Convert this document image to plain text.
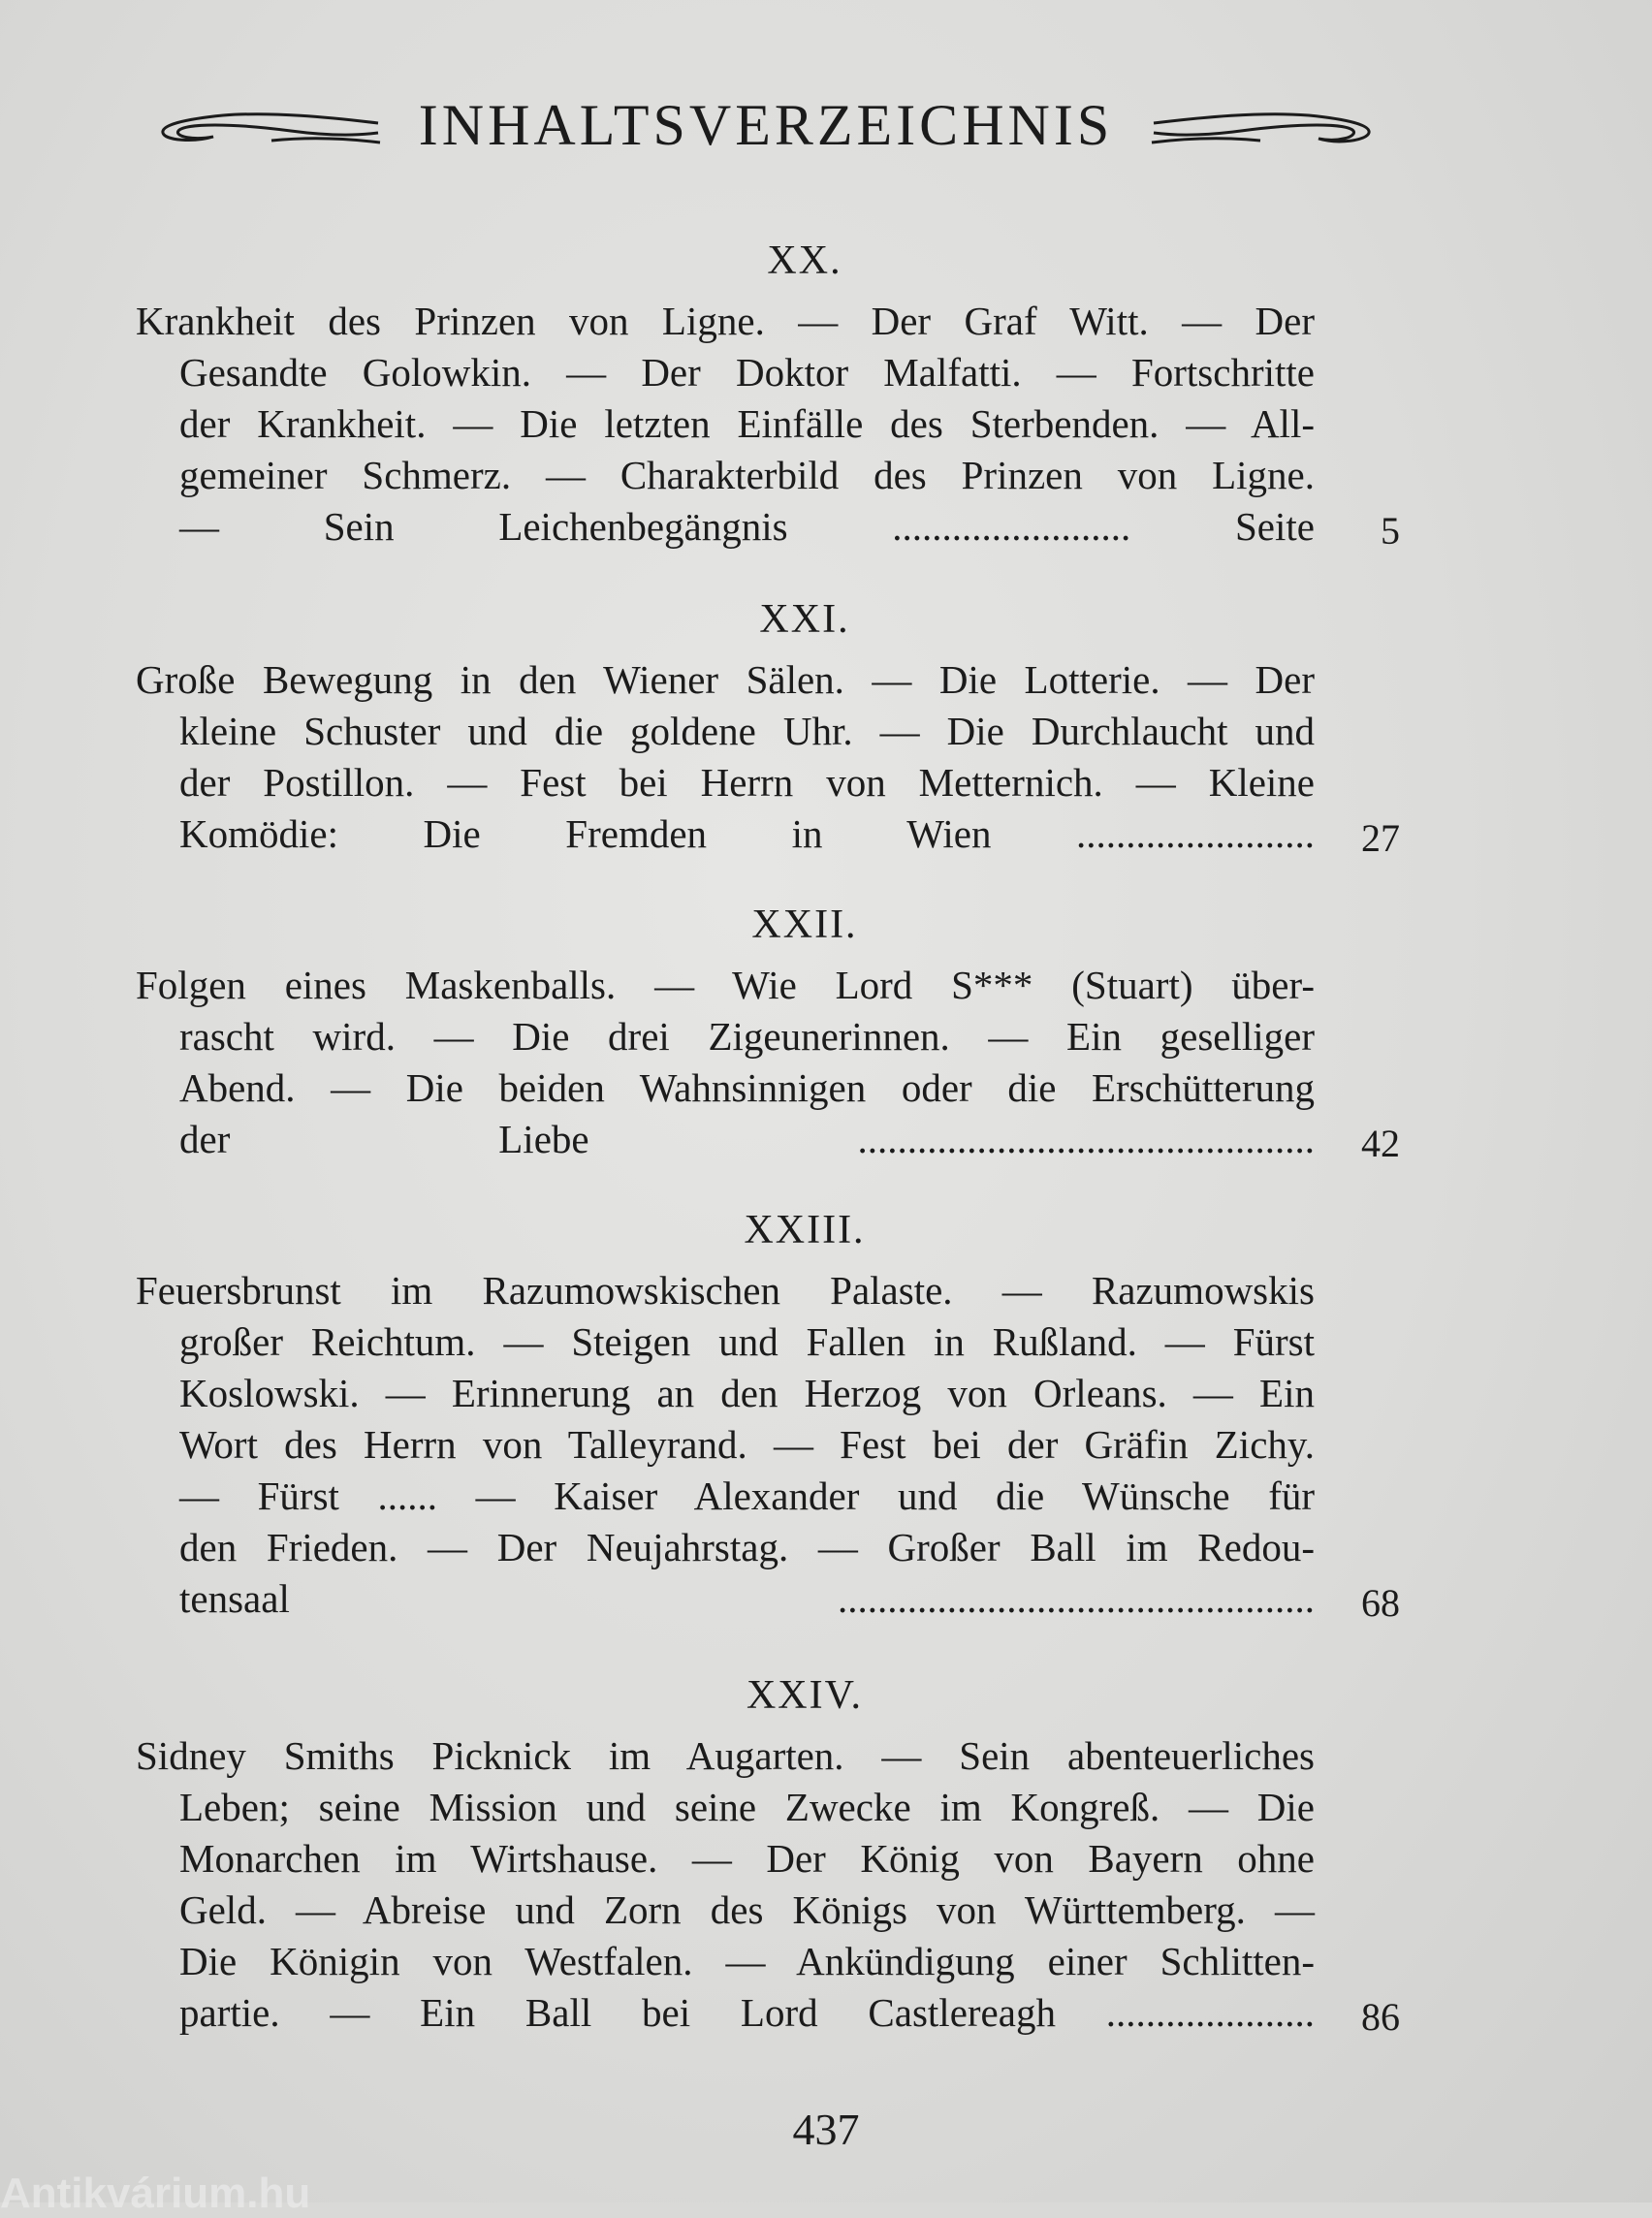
INHALTSVERZEICHNIS
XX.
Krankheit des Prinzen von Ligne. — Der Graf Witt. — Der
Gesandte Golowkin. — Der Doktor Malfatti. — Fortschritte
der Krankheit. — Die letzten Einfälle des Sterbenden. — All-
gemeiner Schmerz. — Charakterbild des Prinzen von Ligne.
— Sein Leichenbegängnis ........................ Seite	5
XXI.
Große Bewegung in den Wiener Sälen. — Die Lotterie. — Der
kleine Schuster und die goldene Uhr. — Die Durchlaucht und
der Postillon. — Fest bei Herrn von Metternich. — Kleine
Komödie: Die Fremden in Wien ........................	27
XXII.
Folgen eines Maskenballs. — Wie Lord S*** (Stuart) über-
rascht wird. — Die drei Zigeunerinnen. — Ein geselliger
Abend. — Die beiden Wahnsinnigen oder die Erschütterung
der Liebe ..............................................	42
XXIII.
Feuersbrunst im Razumowskischen Palaste. — Razumowskis
großer Reichtum. — Steigen und Fallen in Rußland. — Fürst
Koslowski. — Erinnerung an den Herzog von Orleans. — Ein
Wort des Herrn von Talleyrand. — Fest bei der Gräfin Zichy.
— Fürst ...... — Kaiser Alexander und die Wünsche für
den Frieden. — Der Neujahrstag. — Großer Ball im Redou-
tensaal ................................................	68
XXIV.
Sidney Smiths Picknick im Augarten. — Sein abenteuerliches
Leben; seine Mission und seine Zwecke im Kongreß. — Die
Monarchen im Wirtshause. — Der König von Bayern ohne
Geld. — Abreise und Zorn des Königs von Württemberg. —
Die Königin von Westfalen. — Ankündigung einer Schlitten-
partie. — Ein Ball bei Lord Castlereagh .....................	86
437
Antikvárium.hu
